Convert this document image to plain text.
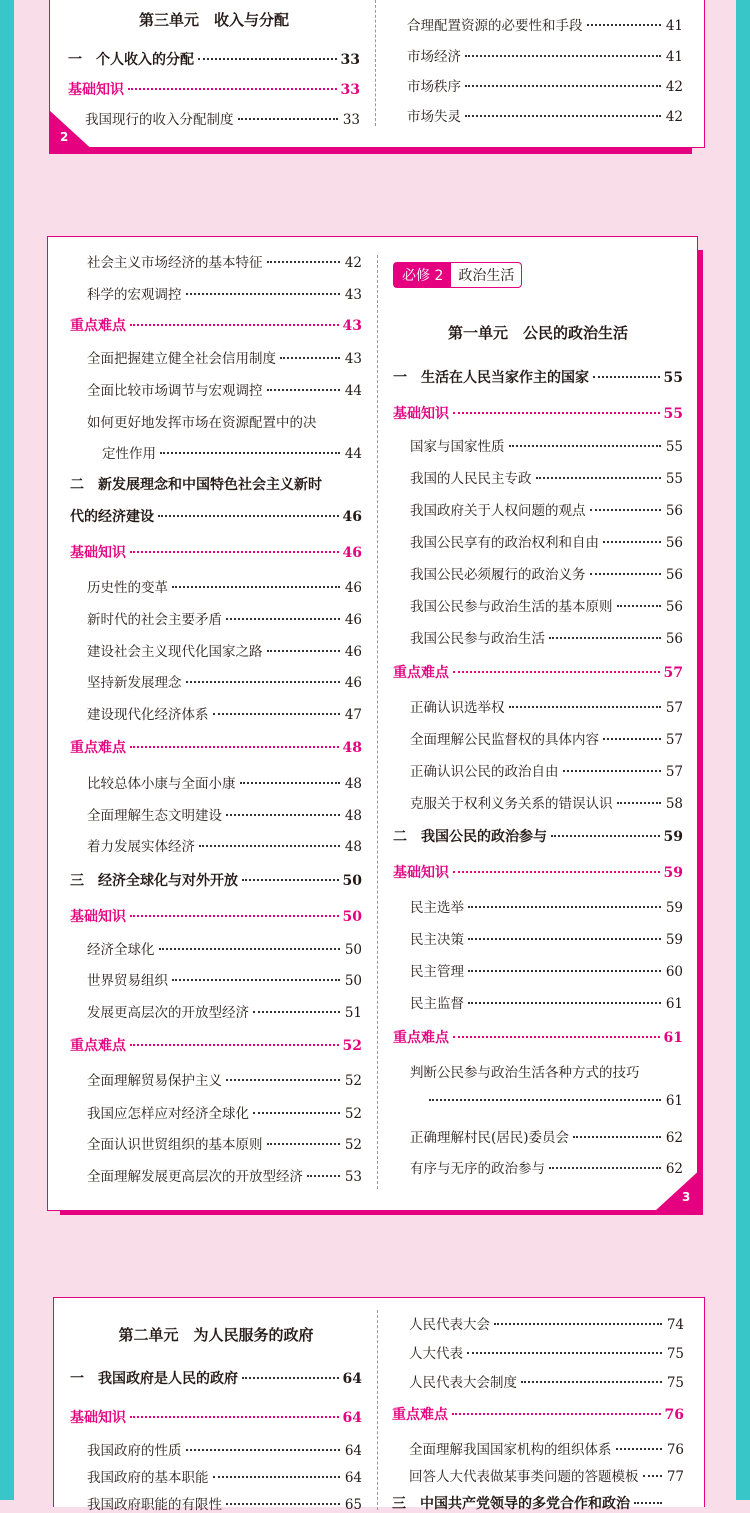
第三单元　收入与分配
一　个人收入的分配	33
基础知识	33
我国现行的收入分配制度	33
合理配置资源的必要性和手段	41
市场经济	41
市场秩序	42
市场失灵	42
2
社会主义市场经济的基本特征	42
科学的宏观调控	43
重点难点	43
全面把握建立健全社会信用制度	43
全面比较市场调节与宏观调控	44
如何更好地发挥市场在资源配置中的决
定性作用	44
二　新发展理念和中国特色社会主义新时
代的经济建设	46
基础知识	46
历史性的变革	46
新时代的社会主要矛盾	46
建设社会主义现代化国家之路	46
坚持新发展理念	46
建设现代化经济体系	47
重点难点	48
比较总体小康与全面小康	48
全面理解生态文明建设	48
着力发展实体经济	48
三　经济全球化与对外开放	50
基础知识	50
经济全球化	50
世界贸易组织	50
发展更高层次的开放型经济	51
重点难点	52
全面理解贸易保护主义	52
我国应怎样应对经济全球化	52
全面认识世贸组织的基本原则	52
全面理解发展更高层次的开放型经济	53
必修 2	政治生活
第一单元　公民的政治生活
一　生活在人民当家作主的国家	55
基础知识	55
国家与国家性质	55
我国的人民民主专政	55
我国政府关于人权问题的观点	56
我国公民享有的政治权利和自由	56
我国公民必须履行的政治义务	56
我国公民参与政治生活的基本原则	56
我国公民参与政治生活	56
重点难点	57
正确认识选举权	57
全面理解公民监督权的具体内容	57
正确认识公民的政治自由	57
克服关于权利义务关系的错误认识	58
二　我国公民的政治参与	59
基础知识	59
民主选举	59
民主决策	59
民主管理	60
民主监督	61
重点难点	61
判断公民参与政治生活各种方式的技巧
61
正确理解村民(居民)委员会	62
有序与无序的政治参与	62
3
第二单元　为人民服务的政府
一　我国政府是人民的政府	64
基础知识	64
我国政府的性质	64
我国政府的基本职能	64
我国政府职能的有限性	65
人民代表大会	74
人大代表	75
人民代表大会制度	75
重点难点	76
全面理解我国国家机构的组织体系	76
回答人大代表做某事类问题的答题模板 77
三　中国共产党领导的多党合作和政治
